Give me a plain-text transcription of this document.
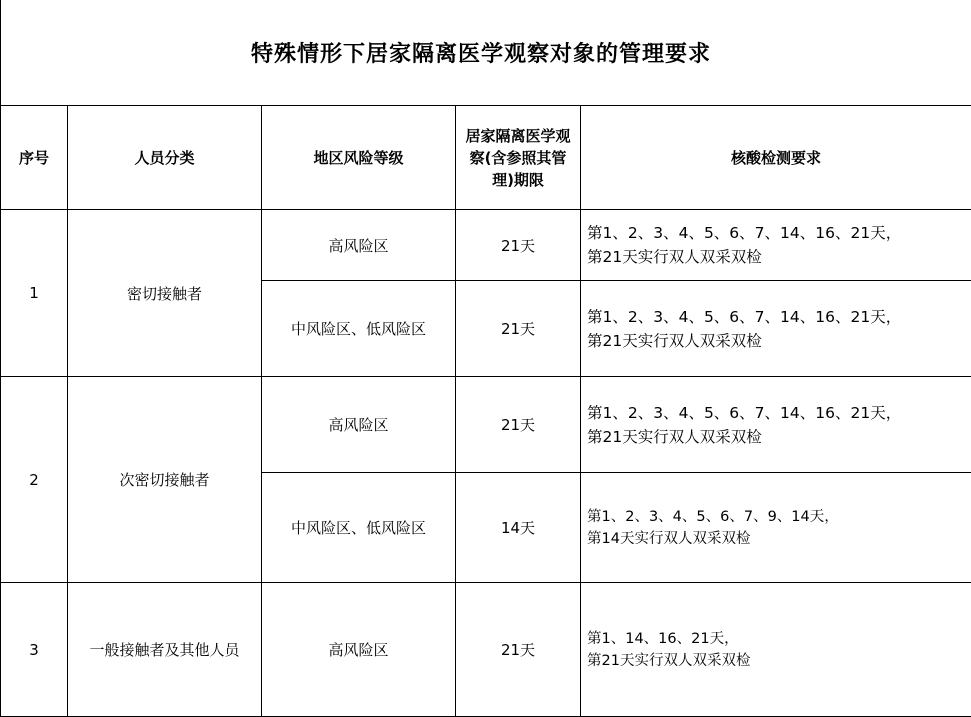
特殊情形下居家隔离医学观察对象的管理要求
序号	人员分类	地区风险等级	居家隔离医学观察(含参照其管理)期限	核酸检测要求
1	密切接触者	高风险区	21天	第1、2、3、4、5、6、7、14、16、21天，
第21天实行双人双采双检

		中风险区、低风险区	21天	第1、2、3、4、5、6、7、14、16、21天，
第21天实行双人双采双检

2	次密切接触者	高风险区	21天	第1、2、3、4、5、6、7、14、16、21天，
第21天实行双人双采双检

		中风险区、低风险区	14天	第1、2、3、4、5、6、7、9、14天，
第14天实行双人双采双检

3	一般接触者及其他人员	高风险区	21天	第1、14、16、21天，
第21天实行双人双采双检
